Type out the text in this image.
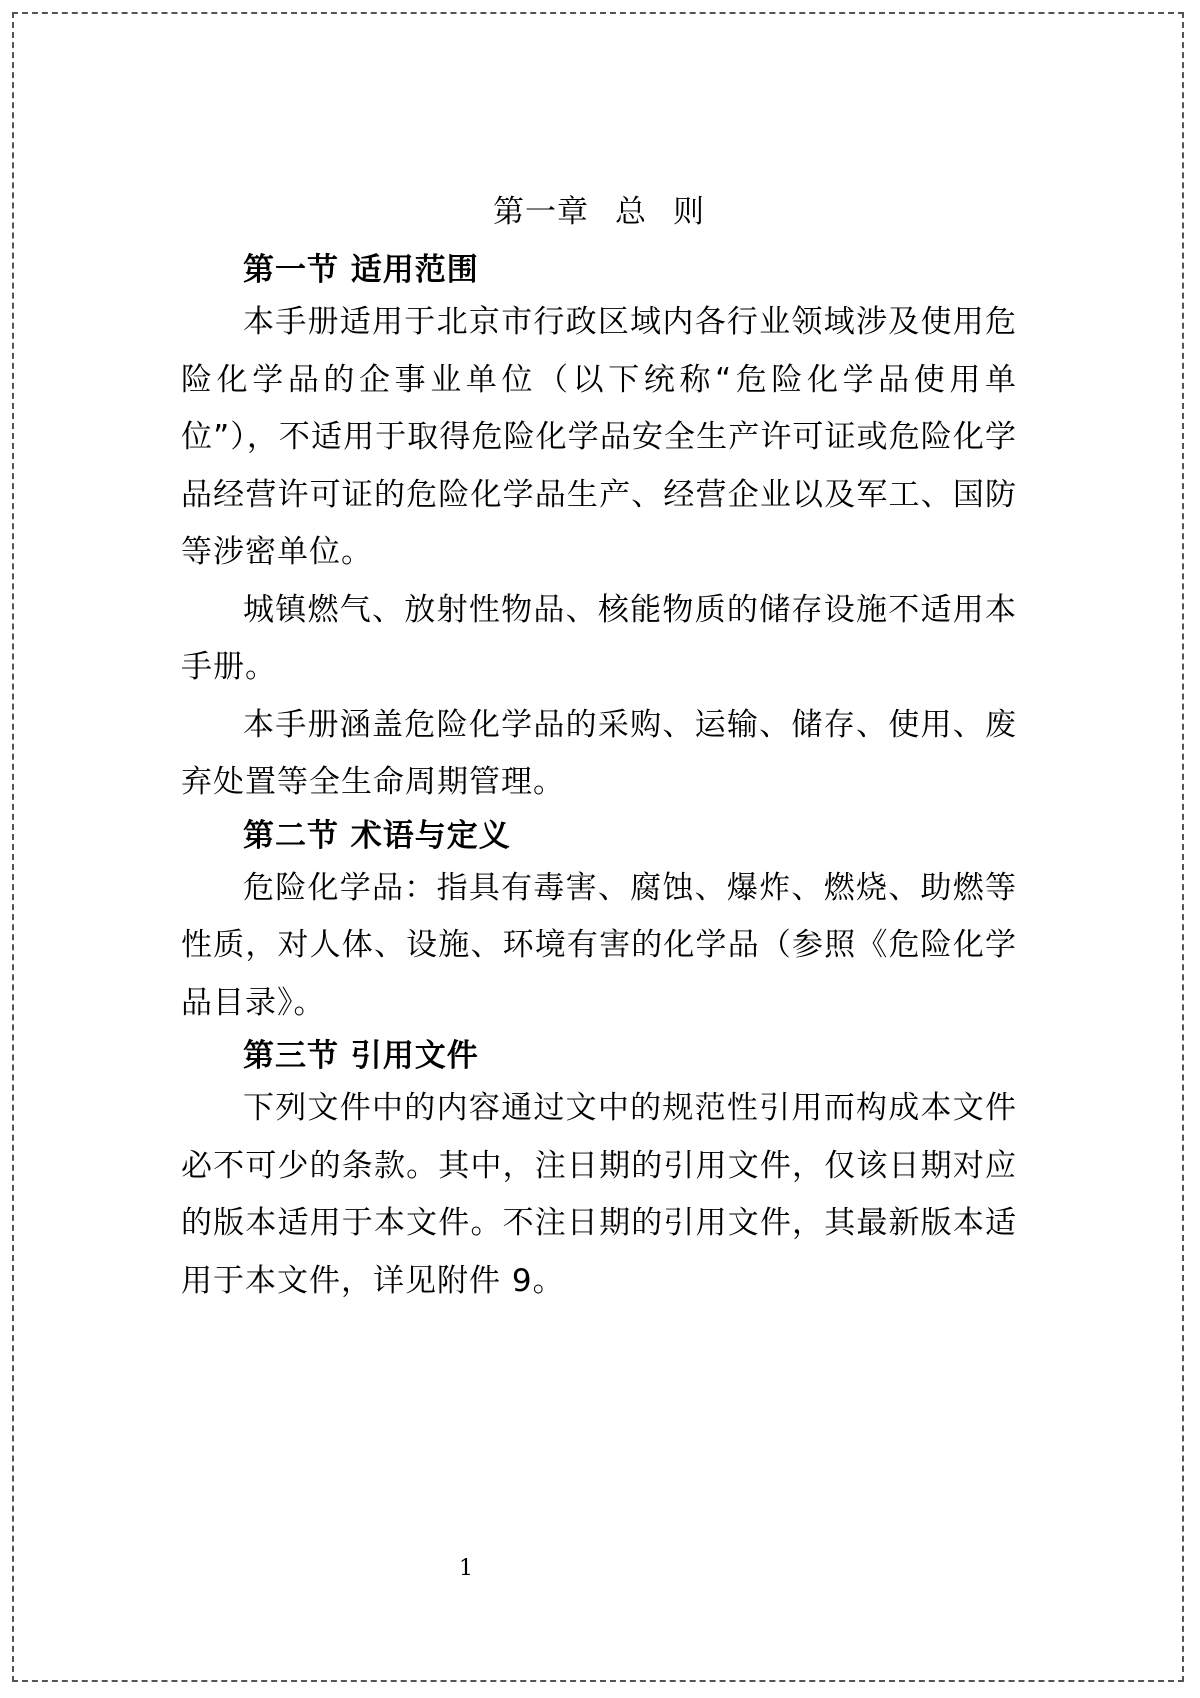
第一章 总 则

第一节 适用范围

本手册适用于北京市行政区域内各行业领域涉及使用危险化学品的企事业单位（以下统称“危险化学品使用单位”），不适用于取得危险化学品安全生产许可证或危险化学品经营许可证的危险化学品生产、经营企业以及军工、国防等涉密单位。

城镇燃气、放射性物品、核能物质的储存设施不适用本手册。

本手册涵盖危险化学品的采购、运输、储存、使用、废弃处置等全生命周期管理。

第二节 术语与定义

危险化学品：指具有毒害、腐蚀、爆炸、燃烧、助燃等性质，对人体、设施、环境有害的化学品（参照《危险化学品目录》。

第三节 引用文件

下列文件中的内容通过文中的规范性引用而构成本文件必不可少的条款。其中，注日期的引用文件，仅该日期对应的版本适用于本文件。不注日期的引用文件，其最新版本适用于本文件，详见附件 9。

1
